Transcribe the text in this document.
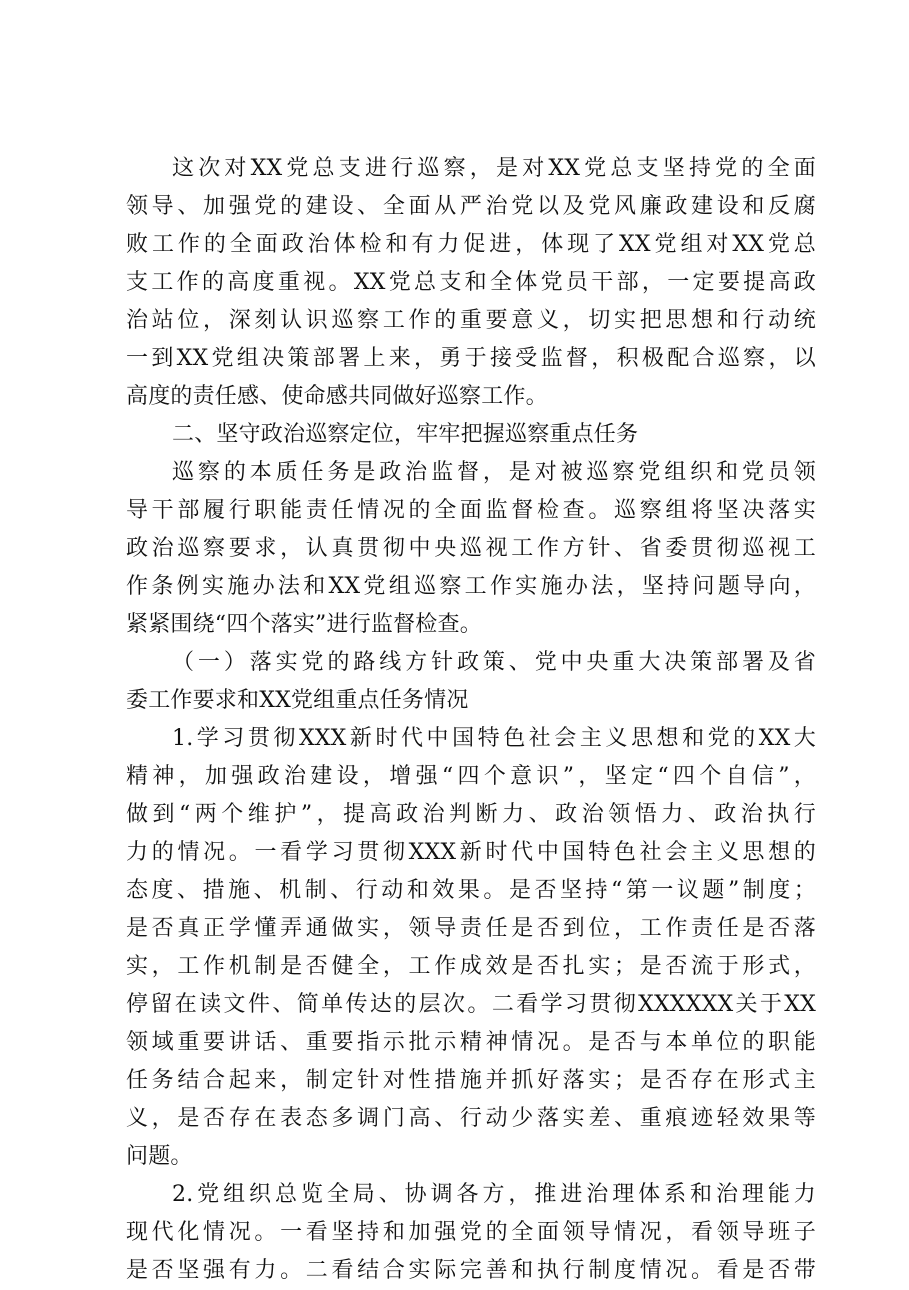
这次对XX党总支进行巡察，是对XX党总支坚持党的全面
领导、加强党的建设、全面从严治党以及党风廉政建设和反腐
败工作的全面政治体检和有力促进，体现了XX党组对XX党总
支工作的高度重视。XX党总支和全体党员干部，一定要提高政
治站位，深刻认识巡察工作的重要意义，切实把思想和行动统
一到XX党组决策部署上来，勇于接受监督，积极配合巡察，以
高度的责任感、使命感共同做好巡察工作。
二、坚守政治巡察定位，牢牢把握巡察重点任务
巡察的本质任务是政治监督，是对被巡察党组织和党员领
导干部履行职能责任情况的全面监督检查。巡察组将坚决落实
政治巡察要求，认真贯彻中央巡视工作方针、省委贯彻巡视工
作条例实施办法和XX党组巡察工作实施办法，坚持问题导向，
紧紧围绕“四个落实”进行监督检查。
（一）落实党的路线方针政策、党中央重大决策部署及省
委工作要求和XX党组重点任务情况
1.学习贯彻XXX新时代中国特色社会主义思想和党的XX大
精神，加强政治建设，增强“四个意识”，坚定“四个自信”，
做到“两个维护”，提高政治判断力、政治领悟力、政治执行
力的情况。一看学习贯彻XXX新时代中国特色社会主义思想的
态度、措施、机制、行动和效果。是否坚持“第一议题”制度；
是否真正学懂弄通做实，领导责任是否到位，工作责任是否落
实，工作机制是否健全，工作成效是否扎实；是否流于形式，
停留在读文件、简单传达的层次。二看学习贯彻XXXXXX关于XX
领域重要讲话、重要指示批示精神情况。是否与本单位的职能
任务结合起来，制定针对性措施并抓好落实；是否存在形式主
义，是否存在表态多调门高、行动少落实差、重痕迹轻效果等
问题。
2.党组织总览全局、协调各方，推进治理体系和治理能力
现代化情况。一看坚持和加强党的全面领导情况，看领导班子
是否坚强有力。二看结合实际完善和执行制度情况。看是否带
